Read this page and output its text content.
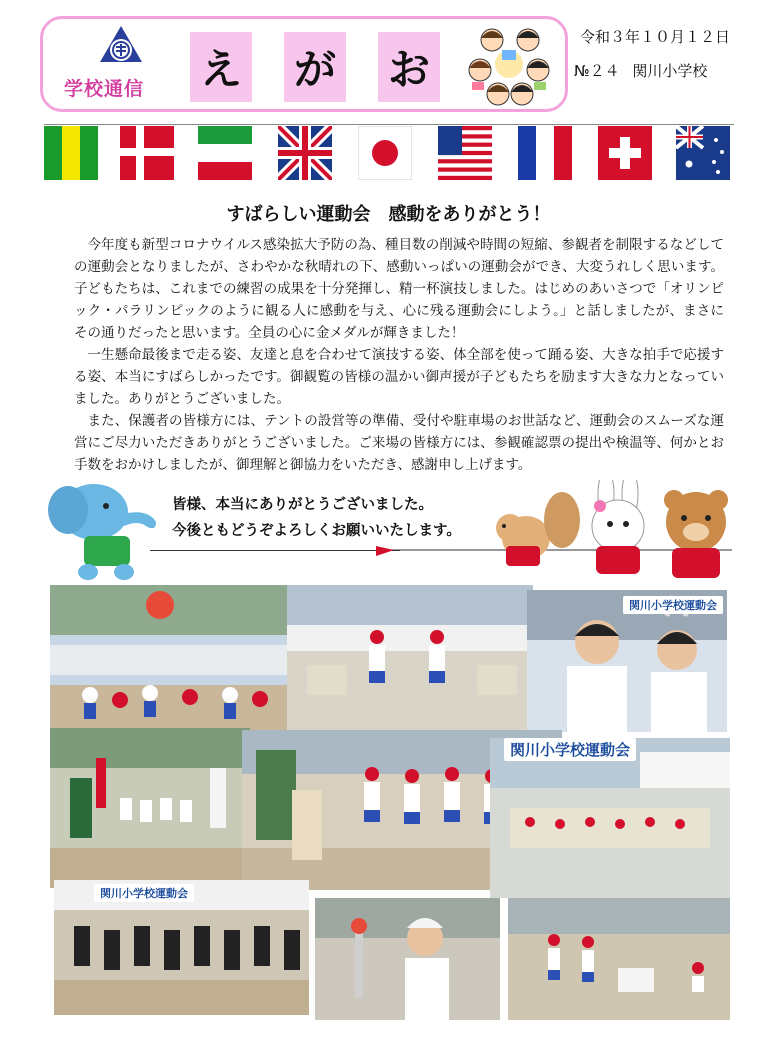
学校通信 え が お
令和３年１０月１２日
№２４ 関川小学校
すばらしい運動会　感動をありがとう！

今年度も新型コロナウイルス感染拡大予防の為、種目数の削減や時間の短縮、参観者を制限するなどしての運動会となりましたが、さわやかな秋晴れの下、感動いっぱいの運動会ができ、大変うれしく思います。子どもたちは、これまでの練習の成果を十分発揮し、精一杯演技しました。はじめのあいさつで「オリンピック・パラリンピックのように観る人に感動を与え、心に残る運動会にしよう。」と話しましたが、まさにその通りだったと思います。全員の心に金メダルが輝きました！

一生懸命最後まで走る姿、友達と息を合わせて演技する姿、体全部を使って踊る姿、大きな拍手で応援する姿、本当にすばらしかったです。御観覧の皆様の温かい御声援が子どもたちを励ます大きな力となっていました。ありがとうございました。

また、保護者の皆様方には、テントの設営等の準備、受付や駐車場のお世話など、運動会のスムーズな運営にご尽力いただきありがとうございました。ご来場の皆様方には、参観確認票の提出や検温等、何かとお手数をおかけしましたが、御理解と御協力をいただき、感謝申し上げます。

皆様、本当にありがとうございました。
今後ともどうぞよろしくお願いいたします。
関川小学校運動会
関川小学校運動会
関川小学校運動会
